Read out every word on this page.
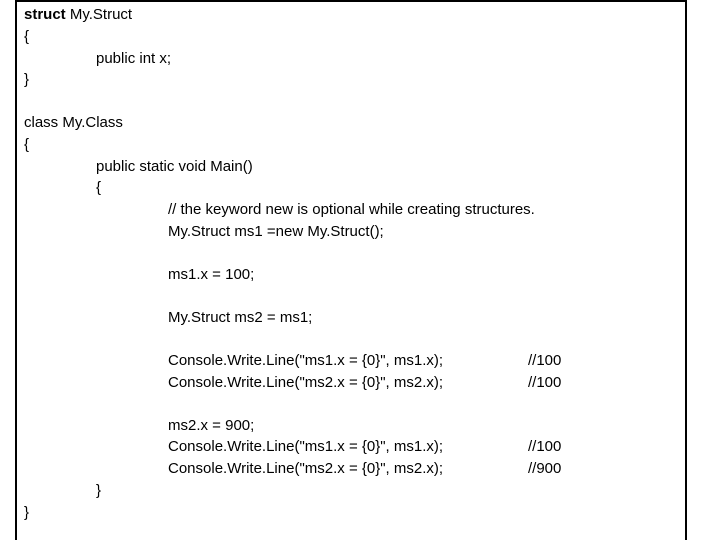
struct My.Struct
{
public int x;
}
class My.Class
{
public static void Main()
{
// the keyword new is optional while creating structures.
My.Struct ms1 =new My.Struct();
ms1.x = 100;
My.Struct ms2 = ms1;
Console.Write.Line("ms1.x = {0}", ms1.x);	//100
Console.Write.Line("ms2.x = {0}", ms2.x);	//100
ms2.x = 900;
Console.Write.Line("ms1.x = {0}", ms1.x);	//100
Console.Write.Line("ms2.x = {0}", ms2.x);	//900
}
}
